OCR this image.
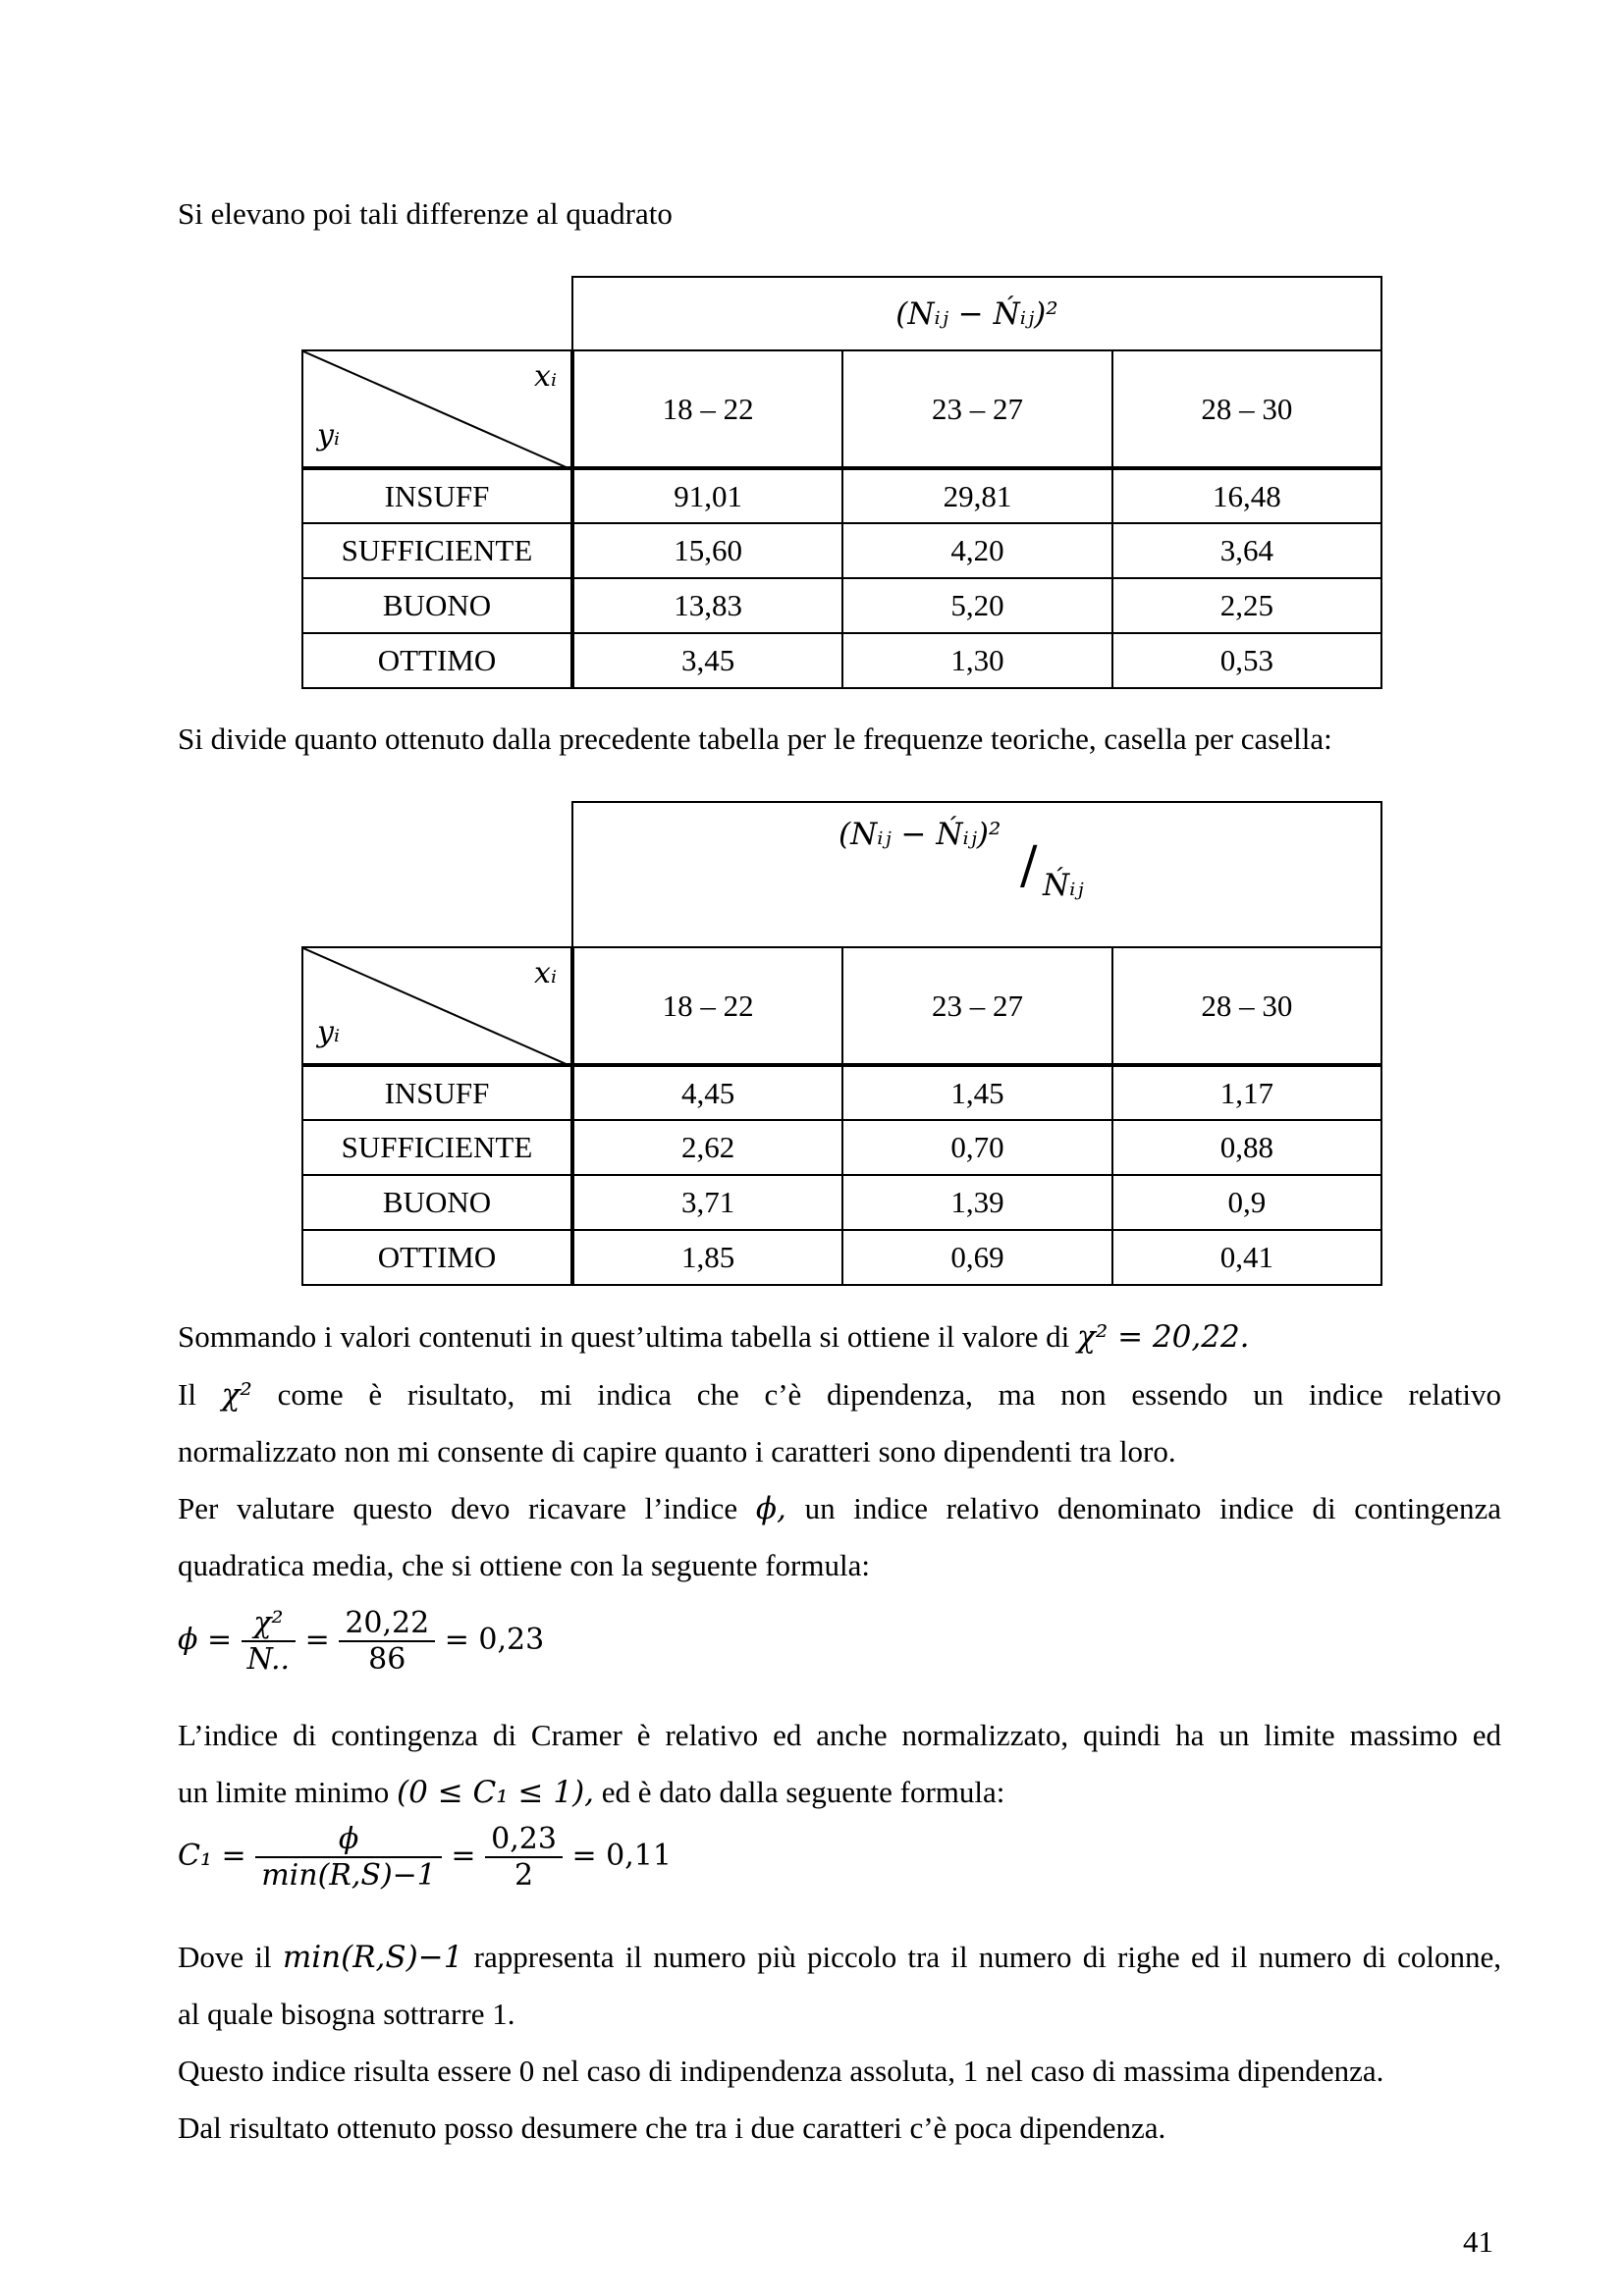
Si elevano poi tali differenze al quadrato

	(Nᵢⱼ − Ńᵢⱼ)²		

xᵢ
yᵢ	18 – 22	23 – 27	28 – 30
INSUFF	91,01	29,81	16,48
SUFFICIENTE	15,60	4,20	3,64
BUONO	13,83	5,20	2,25
OTTIMO	3,45	1,30	0,53

Si divide quanto ottenuto dalla precedente tabella per le frequenze teoriche, casella per casella:

	(Nᵢⱼ − Ńᵢⱼ)²
/ Ńᵢⱼ		

xᵢ
yᵢ	18 – 22	23 – 27	28 – 30
INSUFF	4,45	1,45	1,17
SUFFICIENTE	2,62	0,70	0,88
BUONO	3,71	1,39	0,9
OTTIMO	1,85	0,69	0,41

Sommando i valori contenuti in quest’ultima tabella si ottiene il valore di χ² = 20,22.

Il χ² come è risultato, mi indica che c’è dipendenza, ma non essendo un indice relativo

normalizzato non mi consente di capire quanto i caratteri sono dipendenti tra loro.

Per valutare questo devo ricavare l’indice ϕ, un indice relativo denominato indice di contingenza

quadratica media, che si ottiene con la seguente formula:

$\phi = \frac{\text{χ²}}{N..} = \frac{20,22}{86} = 0,23$

L’indice di contingenza di Cramer è relativo ed anche normalizzato, quindi ha un limite massimo ed

un limite minimo (0 ≤ C₁ ≤ 1), ed è dato dalla seguente formula:

$C_1 = \frac{\phi}{\min(R,S)-1} = \frac{0,23}{2} = 0,11$

Dove il min(R,S)−1 rappresenta il numero più piccolo tra il numero di righe ed il numero di colonne,

al quale bisogna sottrarre 1.

Questo indice risulta essere 0 nel caso di indipendenza assoluta, 1 nel caso di massima dipendenza.

Dal risultato ottenuto posso desumere che tra i due caratteri c’è poca dipendenza.

41
